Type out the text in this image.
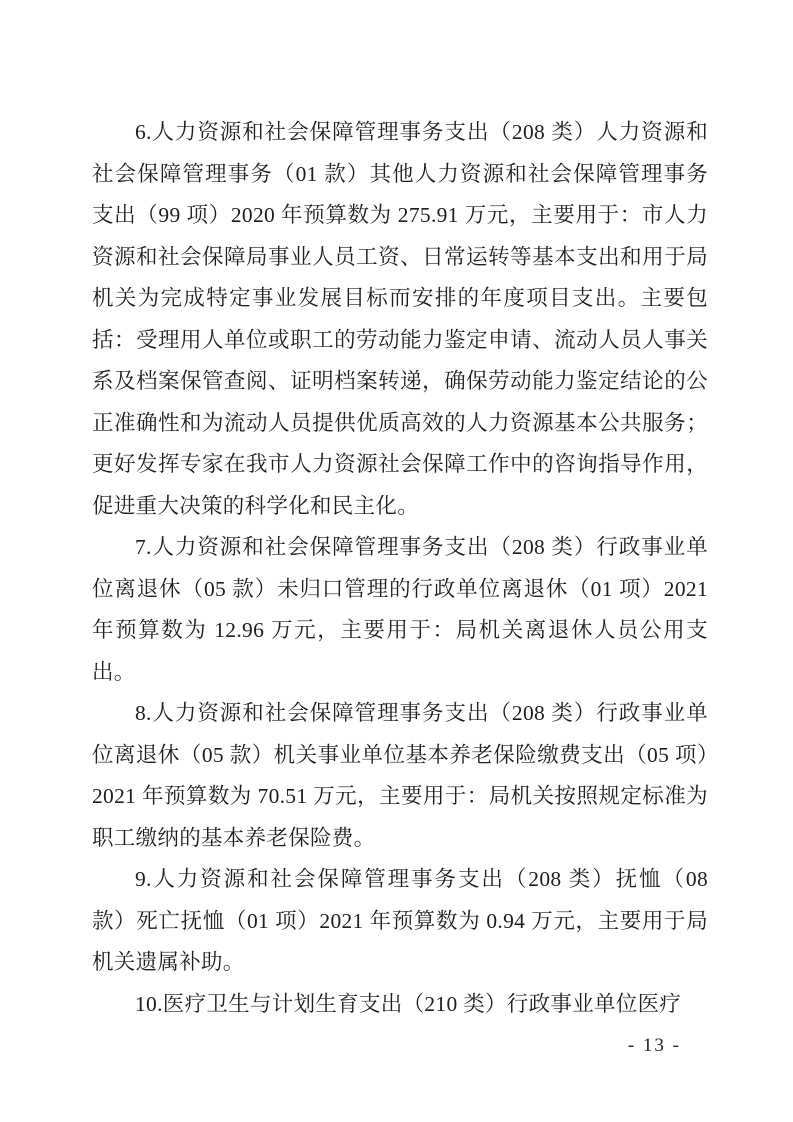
6.人力资源和社会保障管理事务支出（208 类）人力资源和社会保障管理事务（01 款）其他人力资源和社会保障管理事务支出（99 项）2020 年预算数为 275.91 万元，主要用于：市人力资源和社会保障局事业人员工资、日常运转等基本支出和用于局机关为完成特定事业发展目标而安排的年度项目支出。主要包括：受理用人单位或职工的劳动能力鉴定申请、流动人员人事关系及档案保管查阅、证明档案转递，确保劳动能力鉴定结论的公正准确性和为流动人员提供优质高效的人力资源基本公共服务；更好发挥专家在我市人力资源社会保障工作中的咨询指导作用，促进重大决策的科学化和民主化。

7.人力资源和社会保障管理事务支出（208 类）行政事业单位离退休（05 款）未归口管理的行政单位离退休（01 项）2021 年预算数为 12.96 万元，主要用于：局机关离退休人员公用支出。

8.人力资源和社会保障管理事务支出（208 类）行政事业单位离退休（05 款）机关事业单位基本养老保险缴费支出（05 项）2021 年预算数为 70.51 万元，主要用于：局机关按照规定标准为职工缴纳的基本养老保险费。

9.人力资源和社会保障管理事务支出（208 类）抚恤（08 款）死亡抚恤（01 项）2021 年预算数为 0.94 万元，主要用于局机关遗属补助。

10.医疗卫生与计划生育支出（210 类）行政事业单位医疗

- 13 -
